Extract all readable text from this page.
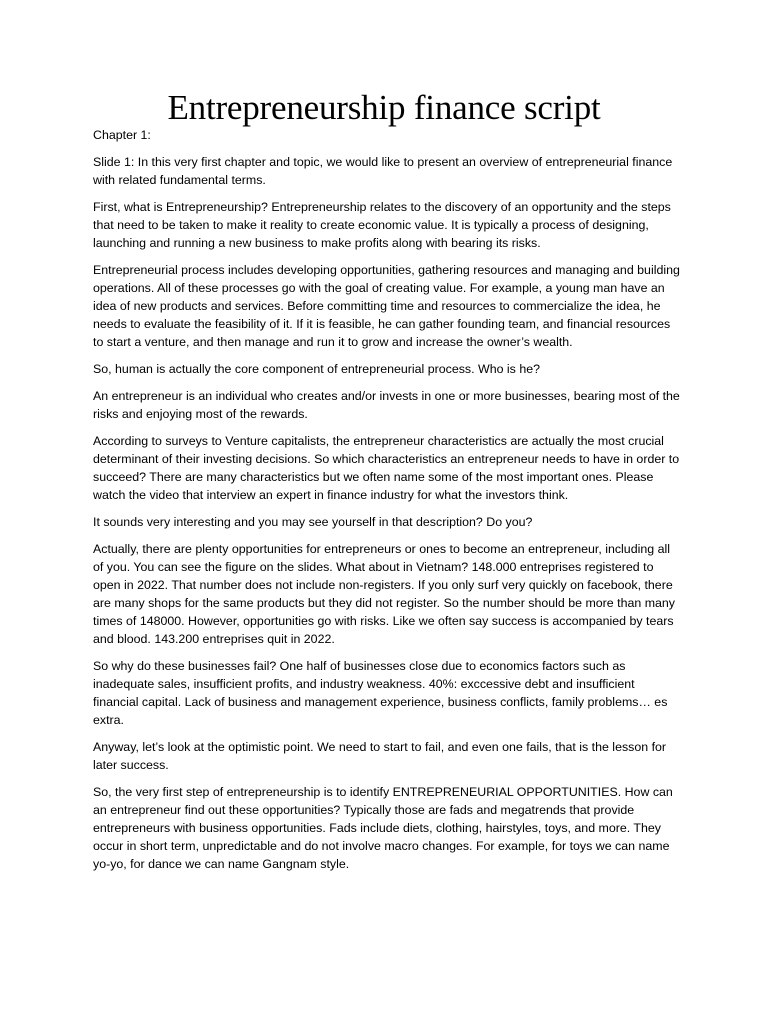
Entrepreneurship finance script

Chapter 1:

Slide 1: In this very first chapter and topic, we would like to present an overview of entrepreneurial finance with related fundamental terms.

First, what is Entrepreneurship? Entrepreneurship relates to the discovery of an opportunity and the steps that need to be taken to make it reality to create economic value. It is typically a process of designing, launching and running a new business to make profits along with bearing its risks.

Entrepreneurial process includes developing opportunities, gathering resources and managing and building operations. All of these processes go with the goal of creating value. For example, a young man have an idea of new products and services. Before committing time and resources to commercialize the idea, he needs to evaluate the feasibility of it. If it is feasible, he can gather founding team, and financial resources to start a venture, and then manage and run it to grow and increase the owner’s wealth.

So, human is actually the core component of entrepreneurial process. Who is he?

An entrepreneur is an individual who creates and/or invests in one or more businesses, bearing most of the risks and enjoying most of the rewards.

According to surveys to Venture capitalists, the entrepreneur characteristics are actually the most crucial determinant of their investing decisions. So which characteristics an entrepreneur needs to have in order to succeed? There are many characteristics but we often name some of the most important ones. Please watch the video that interview an expert in finance industry for what the investors think.

It sounds very interesting and you may see yourself in that description? Do you?

Actually, there are plenty opportunities for entrepreneurs or ones to become an entrepreneur, including all of you. You can see the figure on the slides. What about in Vietnam? 148.000 entreprises registered to open in 2022. That number does not include non-registers. If you only surf very quickly on facebook, there are many shops for the same products but they did not register. So the number should be more than many times of 148000. However, opportunities go with risks. Like we often say success is accompanied by tears and blood. 143.200 entreprises quit in 2022.

So why do these businesses fail? One half of businesses close due to economics factors such as inadequate sales, insufficient profits, and industry weakness. 40%: exccessive debt and insufficient financial capital. Lack of business and management experience, business conflicts, family problems… es extra.

Anyway, let’s look at the optimistic point. We need to start to fail, and even one fails, that is the lesson for later success.

So, the very first step of entrepreneurship is to identify ENTREPRENEURIAL OPPORTUNITIES. How can an entrepreneur find out these opportunities? Typically those are fads and megatrends that provide entrepreneurs with business opportunities. Fads include diets, clothing, hairstyles, toys, and more. They occur in short term, unpredictable and do not involve macro changes. For example, for toys we can name yo-yo, for dance we can name Gangnam style.
